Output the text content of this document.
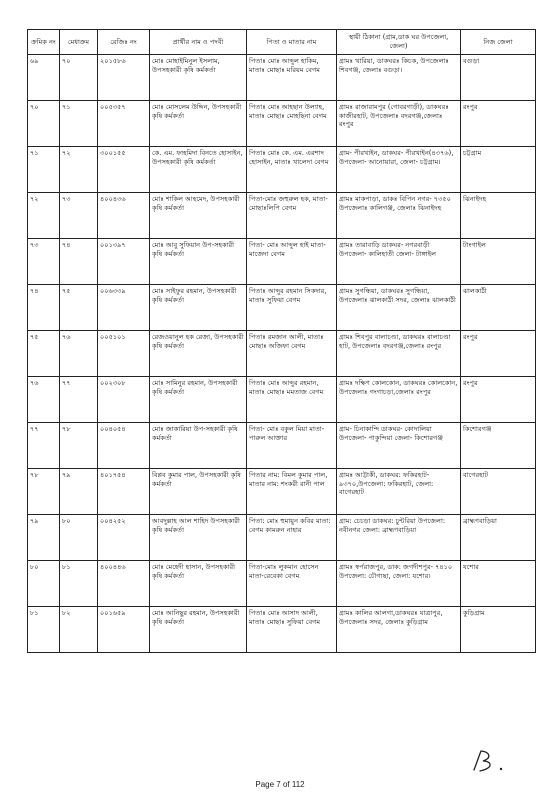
ক্রমিক নং	মেধাক্রম	রেজিঃ নং	প্রার্থীর নাম ও পদবী	পিতা ও মাতার নাম	স্থায়ী ঠিকানা (গ্রাম,ডাক ঘর উপজেলা, জেলা)	নিজ জেলা
৬৯	৭০	২০১৫৮৬	মোঃ মোহাইমিনুল ইসলাম, উপসহকারী কৃষি কর্মকর্তা	পিতাঃ মোঃ আব্দুল হাকিম, মাতাঃ মোছাঃ মরিয়ম বেগম	গ্রামঃ খারিয়া, ডাকঘরঃ কিচক, উপজেলাঃ শিবগঞ্জ, জেলাঃ বগুড়া।	বগুড়া
৭০	৭১	০০৫৩৫৭	মোঃ মোসলেম উদ্দিন, উপসহকারী কৃষি কর্মকর্তা	পিতাঃ মোঃ আহছান উল্যাহ, মাতাঃ মোছাঃ মোহছিনা বেগম	গ্রামঃ রাজারামপুর (গোবরগাড়ী), ডাকঘরঃ কাজীরহাট, উপজেলাঃ বদরগঞ্জ,জেলাঃ রংপুর	রংপুর
৭১	৭২	৩০০১৫৫	কে. এম. ফাহমিদা বিনতে হোসাইন, উপসহকারী কৃষি কর্মকর্তা	পিতাঃ মোঃ কে. এম. এরশাদ হোসাইন, মাতাঃ খালেদা বেগম	গ্রাম- পীরখাইন, ডাকঘর- পীরখাইন(৪৩৭৬), উপজেলা- আনোয়ারা, জেলা- চট্টগ্রাম।	চট্টগ্রাম
৭২	৭৩	৪০০৪৩৬	মোঃ শাকিল আহমেদ, উপসহকারী কৃষি কর্মকর্তা	পিতা-মোঃ জহুরুল হক, মাতা-মোছাঃলিপি বেগম	গ্রামঃ মাকপাড়া, ডাকঃ বিপিন নগর- ৭৩৫০ উপজেলাঃ কালিগঞ্জ, জেলাঃ ঝিনাইদহ	ঝিনাইদহ
৭৩	৭৪	০০১৩৯৭	মোঃ আবু সুফিয়ান উপ-সহকারী কৃষি কর্মকর্তা	পিতা- মোঃ আব্দুল হাই মাতা- মাজেদা বেগম	গ্রামঃ তারাবাড়ি ডাকঘর- নগরবাড়ী উপজেলা- কালিহাতী জেলা- টাঙ্গাইল	টাংগাইল
৭৪	৭৫	০০৬৩৩৯	মোঃ সাইফুর রহমান, উপসহকারী কৃষি কর্মকর্তা	পিতাঃ আব্দুর রহমান সিকদার, মাতাঃ সুফিয়া বেগম	গ্রামঃ সুগন্ধিয়া, ডাকঘরঃ সুগন্ধিয়া, উপজেলাঃ ঝালকাঠী সদর, জেলাঃ ঝালকাঠী	ঝালকাঠী
৭৫	৭৬	০০৫১০১	রেজওয়ানুল হক রেজা, উপসহকারী কৃষি কর্মকর্তা	পিতাঃ রমজান আলী, মাতাঃ মোছাঃ অজিফা বেগম	গ্রামঃ শিবপুর বালাচণ্ডা, ডাকঘরঃ বালাচণ্ডা হাট, উপজেলাঃ বদরগঞ্জ,জেলাঃ রংপুর	রংপুর
৭৬	৭৭	০০২৩০৮	মোঃ সামিনুর রহমান, উপসহকারী কৃষি কর্মকর্তা	পিতাঃ মোঃ আব্দুর রহমান, মাতাঃ মোছাঃ মমতাজ বেগম	গ্রামঃ দক্ষিণ কোলকোন, ডাকঘরঃ কোলকোন, উপজেলাঃ গংগাচড়া,জেলাঃ রংপুর	রংপুর
৭৭	৭৮	০০৪০৫৪	মোঃ জাকারিয়া উপ-সহকারী কৃষি কর্মকর্তা	পিতা- মোঃ বকুল মিয়া মাতা- পারুল আক্তার	গ্রাম- চিনাকান্দি ডাকঘর- কোদালিয়া উপজেলা- পাকুন্দিয়া জেলা- কিশোরগঞ্জ	কিশোরগঞ্জ
৭৮	৭৯	৪০১৭৫৪	বিপ্লব কুমার পাল, উপসহকারী কৃষি কর্মকর্তা	পিতার নাম: বিমল কুমার পাল, মাতার নাম: শংকরী রানী পাল	গ্রামঃ আট্টাকী, ডাকঘর: ফকিরহাট- ৯৩৭০,উপজেলা: ফকিরহাট, জেলা: বাগেরহাট	বাগেরহাট
৭৯	৮০	০০৪২৫২	আবদুল্লাহ আল শাহিদ উপসহকারী কৃষি কর্মকর্তা	পিতা: মোঃ হুমায়ুন কবির মাতা: বেগম কামরুন নাহার	গ্রাম: চেচড়া ডাকঘর: চুন্টরিয়া উপজেলা: নবীনগর জেলা: ব্রাহ্মণবাড়িয়া	ব্রাহ্মণবাড়িয়া
৮০	৮১	৪০০৪৪৬	মোঃ মেহেদী হাসান, উপসহকারী কৃষি কর্মকর্তা	পিতা-মোঃ লুকমান হোসেন মাতা-রেবেকা বেগম	গ্রামঃ স্বর্পরাজপুর, ডাক: জগদীশপুর- ৭৪১০ উপজেলা: চৌগাছা, জেলা: যশোর।	যশোর
৮১	৮২	০০১৬৫৯	মোঃ আনিছুর রহমান, উপসহকারী কৃষি কর্মকর্তা	পিতাঃ মোঃ আসাদ আলী, মাতাঃ মোছাঃ সুফিয়া বেগম	গ্রামঃ কালির আলগা,ডাকঘরঃ যাত্রাপুর, উপজেলাঃ সদর, জেলাঃ কুড়িগ্রাম	কুড়িগ্রাম
Page 7 of 112
